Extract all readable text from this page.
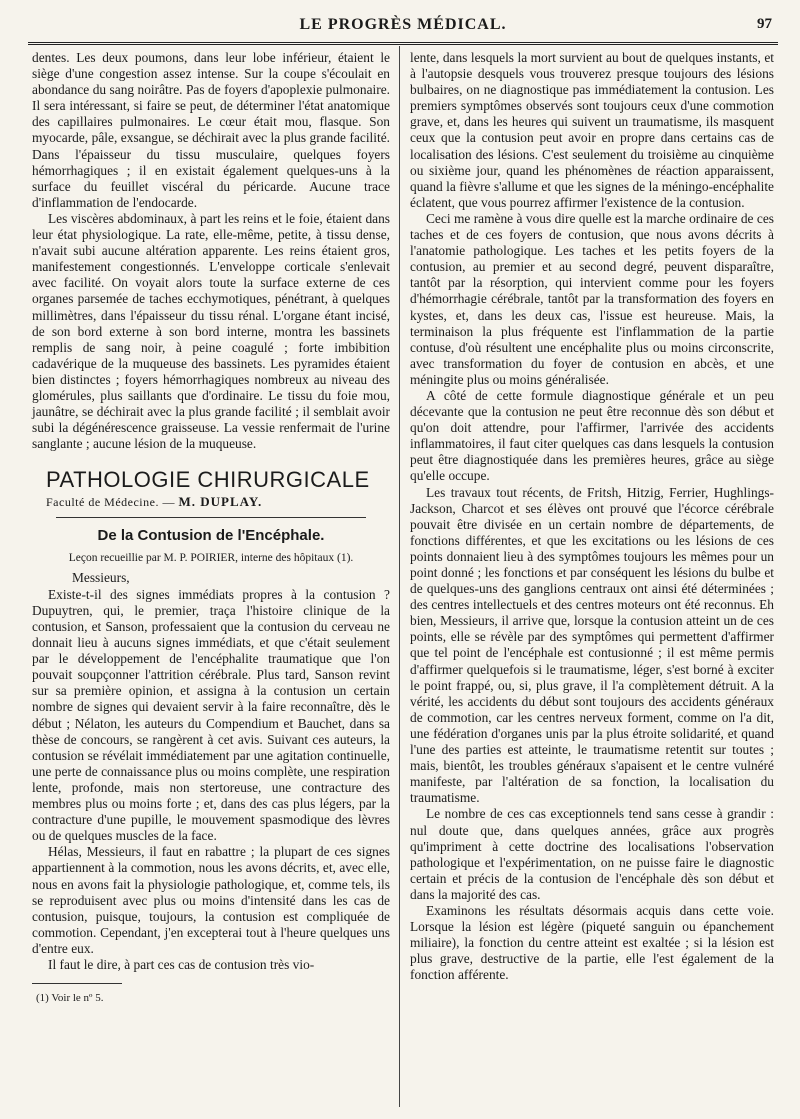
LE PROGRÈS MÉDICAL.	97

dentes. Les deux poumons, dans leur lobe inférieur, étaient le siège d'une congestion assez intense. Sur la coupe s'écoulait en abondance du sang noirâtre. Pas de foyers d'apoplexie pulmonaire. Il sera intéressant, si faire se peut, de déterminer l'état anatomique des capillaires pulmonaires. Le cœur était mou, flasque. Son myocarde, pâle, exsangue, se déchirait avec la plus grande facilité. Dans l'épaisseur du tissu musculaire, quelques foyers hémorrhagiques ; il en existait également quelques-uns à la surface du feuillet viscéral du péricarde. Aucune trace d'inflammation de l'endocarde.

Les viscères abdominaux, à part les reins et le foie, étaient dans leur état physiologique. La rate, elle-même, petite, à tissu dense, n'avait subi aucune altération apparente. Les reins étaient gros, manifestement congestionnés. L'enveloppe corticale s'enlevait avec facilité. On voyait alors toute la surface externe de ces organes parsemée de taches ecchymotiques, pénétrant, à quelques millimètres, dans l'épaisseur du tissu rénal. L'organe étant incisé, de son bord externe à son bord interne, montra les bassinets remplis de sang noir, à peine coagulé ; forte imbibition cadavérique de la muqueuse des bassinets. Les pyramides étaient bien distinctes ; foyers hémorrhagiques nombreux au niveau des glomérules, plus saillants que d'ordinaire. Le tissu du foie mou, jaunâtre, se déchirait avec la plus grande facilité ; il semblait avoir subi la dégénérescence graisseuse. La vessie renfermait de l'urine sanglante ; aucune lésion de la muqueuse.

PATHOLOGIE CHIRURGICALE
Faculté de Médecine. — M. DUPLAY.
De la Contusion de l'Encéphale.
Leçon recueillie par M. P. POIRIER, interne des hôpitaux (1).

Messieurs,

Existe-t-il des signes immédiats propres à la contusion ? Dupuytren, qui, le premier, traça l'histoire clinique de la contusion, et Sanson, professaient que la contusion du cerveau ne donnait lieu à aucuns signes immédiats, et que c'était seulement par le développement de l'encéphalite traumatique que l'on pouvait soupçonner l'attrition cérébrale. Plus tard, Sanson revint sur sa première opinion, et assigna à la contusion un certain nombre de signes qui devaient servir à la faire reconnaître, dès le début ; Nélaton, les auteurs du Compendium et Bauchet, dans sa thèse de concours, se rangèrent à cet avis. Suivant ces auteurs, la contusion se révélait immédiatement par une agitation continuelle, une perte de connaissance plus ou moins complète, une respiration lente, profonde, mais non stertoreuse, une contracture des membres plus ou moins forte ; et, dans des cas plus légers, par la contracture d'une pupille, le mouvement spasmodique des lèvres ou de quelques muscles de la face.

Hélas, Messieurs, il faut en rabattre ; la plupart de ces signes appartiennent à la commotion, nous les avons décrits, et, avec elle, nous en avons fait la physiologie pathologique, et, comme tels, ils se reproduisent avec plus ou moins d'intensité dans les cas de contusion, puisque, toujours, la contusion est compliquée de commotion. Cependant, j'en excepterai tout à l'heure quelques uns d'entre eux.

Il faut le dire, à part ces cas de contusion très vio-

(1) Voir le nº 5.

lente, dans lesquels la mort survient au bout de quelques instants, et à l'autopsie desquels vous trouverez presque toujours des lésions bulbaires, on ne diagnostique pas immédiatement la contusion. Les premiers symptômes observés sont toujours ceux d'une commotion grave, et, dans les heures qui suivent un traumatisme, ils masquent ceux que la contusion peut avoir en propre dans certains cas de localisation des lésions. C'est seulement du troisième au cinquième ou sixième jour, quand les phénomènes de réaction apparaissent, quand la fièvre s'allume et que les signes de la méningo-encéphalite éclatent, que vous pourrez affirmer l'existence de la contusion.

Ceci me ramène à vous dire quelle est la marche ordinaire de ces taches et de ces foyers de contusion, que nous avons décrits à l'anatomie pathologique. Les taches et les petits foyers de la contusion, au premier et au second degré, peuvent disparaître, tantôt par la résorption, qui intervient comme pour les foyers d'hémorrhagie cérébrale, tantôt par la transformation des foyers en kystes, et, dans les deux cas, l'issue est heureuse. Mais, la terminaison la plus fréquente est l'inflammation de la partie contuse, d'où résultent une encéphalite plus ou moins circonscrite, avec transformation du foyer de contusion en abcès, et une méningite plus ou moins généralisée.

A côté de cette formule diagnostique générale et un peu décevante que la contusion ne peut être reconnue dès son début et qu'on doit attendre, pour l'affirmer, l'arrivée des accidents inflammatoires, il faut citer quelques cas dans lesquels la contusion peut être diagnostiquée dans les premières heures, grâce au siège qu'elle occupe.

Les travaux tout récents, de Fritsh, Hitzig, Ferrier, Hughlings-Jackson, Charcot et ses élèves ont prouvé que l'écorce cérébrale pouvait être divisée en un certain nombre de départements, de fonctions différentes, et que les excitations ou les lésions de ces points donnaient lieu à des symptômes toujours les mêmes pour un point donné ; les fonctions et par conséquent les lésions du bulbe et de quelques-uns des ganglions centraux ont ainsi été déterminées ; des centres intellectuels et des centres moteurs ont été reconnus. Eh bien, Messieurs, il arrive que, lorsque la contusion atteint un de ces points, elle se révèle par des symptômes qui permettent d'affirmer que tel point de l'encéphale est contusionné ; il est même permis d'affirmer quelquefois si le traumatisme, léger, s'est borné à exciter le point frappé, ou, si, plus grave, il l'a complètement détruit. A la vérité, les accidents du début sont toujours des accidents généraux de commotion, car les centres nerveux forment, comme on l'a dit, une fédération d'organes unis par la plus étroite solidarité, et quand l'une des parties est atteinte, le traumatisme retentit sur toutes ; mais, bientôt, les troubles généraux s'apaisent et le centre vulnéré manifeste, par l'altération de sa fonction, la localisation du traumatisme.

Le nombre de ces cas exceptionnels tend sans cesse à grandir : nul doute que, dans quelques années, grâce aux progrès qu'impriment à cette doctrine des localisations l'observation pathologique et l'expérimentation, on ne puisse faire le diagnostic certain et précis de la contusion de l'encéphale dès son début et dans la majorité des cas.

Examinons les résultats désormais acquis dans cette voie. Lorsque la lésion est légère (piqueté sanguin ou épanchement miliaire), la fonction du centre atteint est exaltée ; si la lésion est plus grave, destructive de la partie, elle l'est également de la fonction afférente.
